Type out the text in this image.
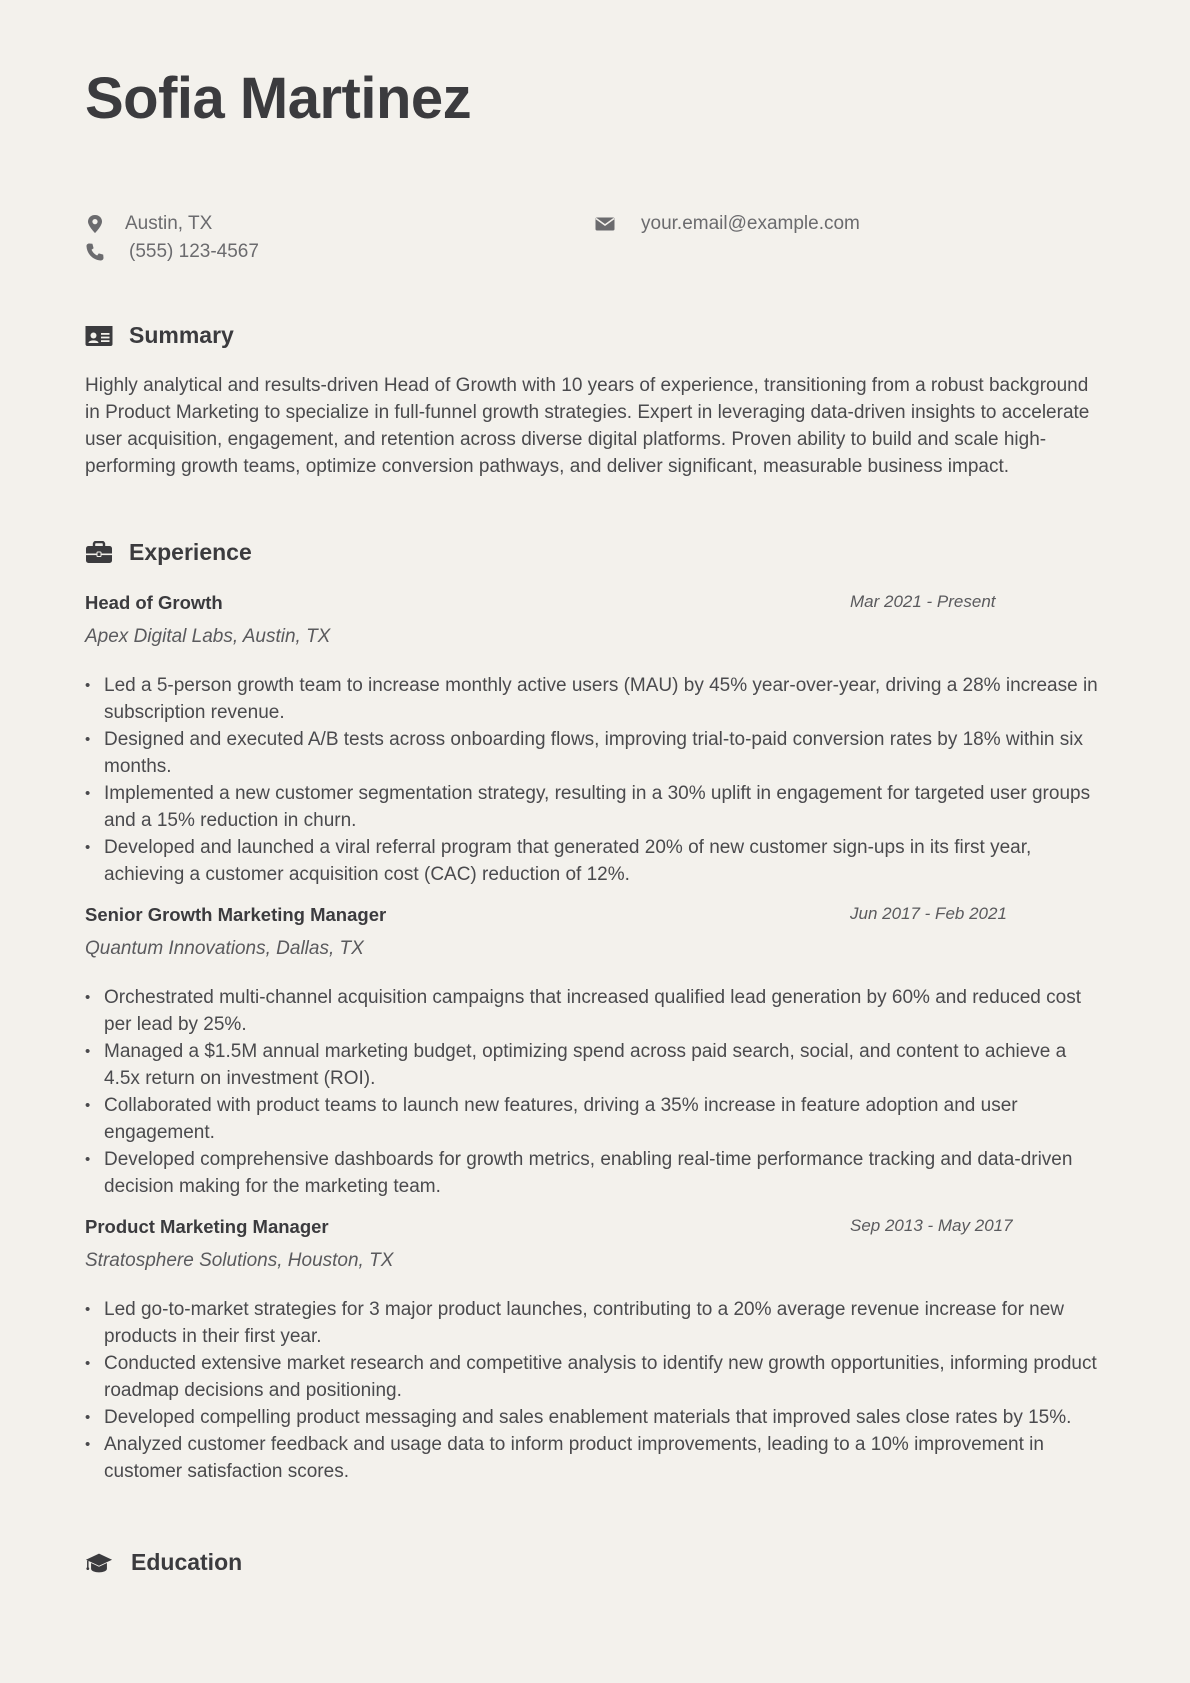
Sofia Martinez
Austin, TX
(555) 123-4567
your.email@example.com
Summary

Highly analytical and results-driven Head of Growth with 10 years of experience, transitioning from a robust background in Product Marketing to specialize in full-funnel growth strategies. Expert in leveraging data-driven insights to accelerate user acquisition, engagement, and retention across diverse digital platforms. Proven ability to build and scale high-performing growth teams, optimize conversion pathways, and deliver significant, measurable business impact.

Experience
Head of Growth	Mar 2021 - Present
Apex Digital Labs, Austin, TX
• Led a 5-person growth team to increase monthly active users (MAU) by 45% year-over-year, driving a 28% increase in subscription revenue.
• Designed and executed A/B tests across onboarding flows, improving trial-to-paid conversion rates by 18% within six months.
• Implemented a new customer segmentation strategy, resulting in a 30% uplift in engagement for targeted user groups and a 15% reduction in churn.
• Developed and launched a viral referral program that generated 20% of new customer sign-ups in its first year, achieving a customer acquisition cost (CAC) reduction of 12%.
Senior Growth Marketing Manager	Jun 2017 - Feb 2021
Quantum Innovations, Dallas, TX
• Orchestrated multi-channel acquisition campaigns that increased qualified lead generation by 60% and reduced cost per lead by 25%.
• Managed a $1.5M annual marketing budget, optimizing spend across paid search, social, and content to achieve a 4.5x return on investment (ROI).
• Collaborated with product teams to launch new features, driving a 35% increase in feature adoption and user engagement.
• Developed comprehensive dashboards for growth metrics, enabling real-time performance tracking and data-driven decision making for the marketing team.
Product Marketing Manager	Sep 2013 - May 2017
Stratosphere Solutions, Houston, TX
• Led go-to-market strategies for 3 major product launches, contributing to a 20% average revenue increase for new products in their first year.
• Conducted extensive market research and competitive analysis to identify new growth opportunities, informing product roadmap decisions and positioning.
• Developed compelling product messaging and sales enablement materials that improved sales close rates by 15%.
• Analyzed customer feedback and usage data to inform product improvements, leading to a 10% improvement in customer satisfaction scores.
Education
